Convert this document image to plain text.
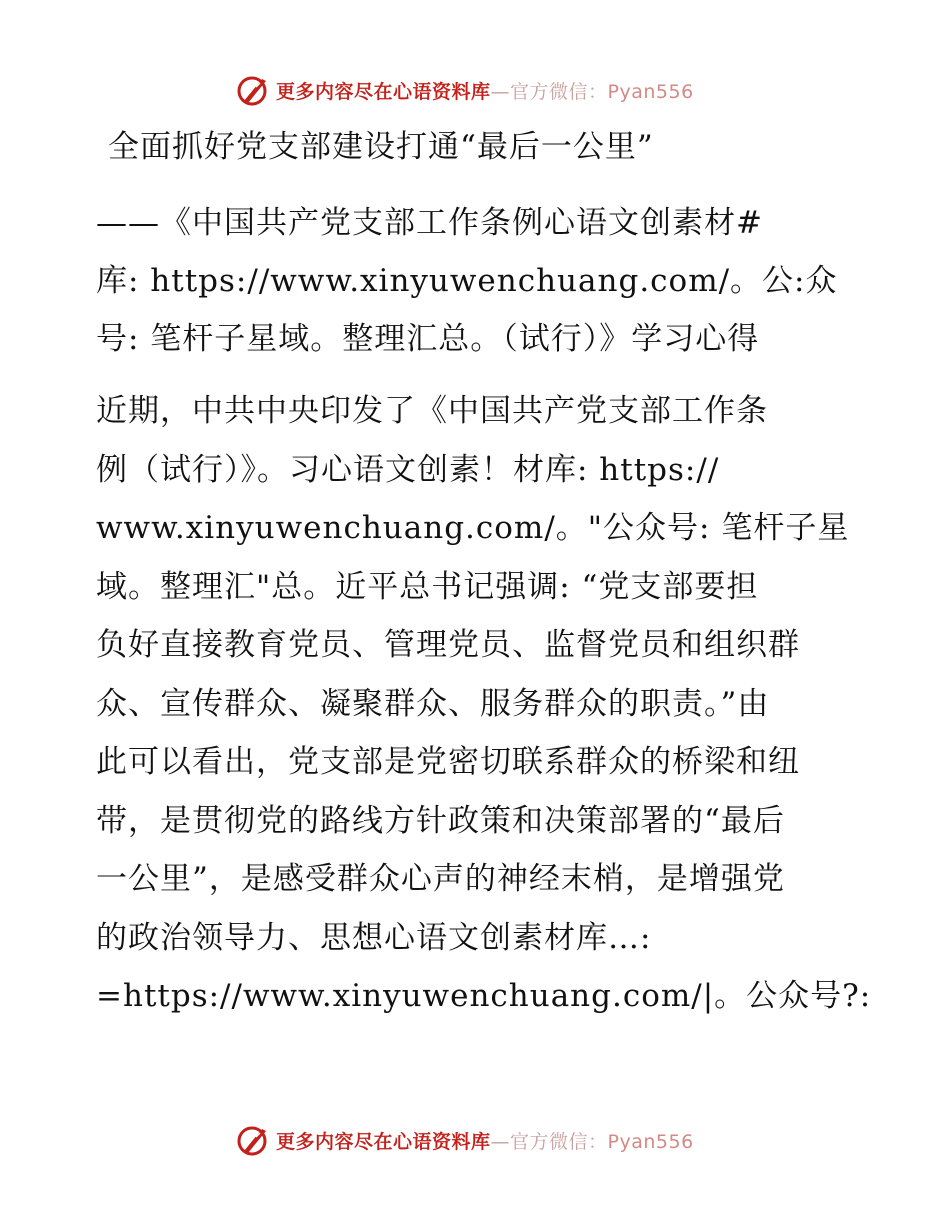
更多内容尽在心语资料库—官方微信：Pyan556
全面抓好党支部建设打通“最后一公里”

——《中国共产党支部工作条例心语文创素材#
库: https://www.xinyuwenchuang.com/。公:众
号: 笔杆子星域。整理汇总。（试行）》学习心得

近期，中共中央印发了《中国共产党支部工作条
例（试行）》。习心语文创素！材库: https://
www.xinyuwenchuang.com/。"公众号: 笔杆子星
域。整理汇"总。近平总书记强调: “党支部要担
负好直接教育党员、管理党员、监督党员和组织群
众、宣传群众、凝聚群众、服务群众的职责。”由
此可以看出，党支部是党密切联系群众的桥梁和纽
带，是贯彻党的路线方针政策和决策部署的“最后
一公里”，是感受群众心声的神经末梢，是增强党
的政治领导力、思想心语文创素材库…:
=https://www.xinyuwenchuang.com/|。公众号?:

更多内容尽在心语资料库—官方微信：Pyan556
